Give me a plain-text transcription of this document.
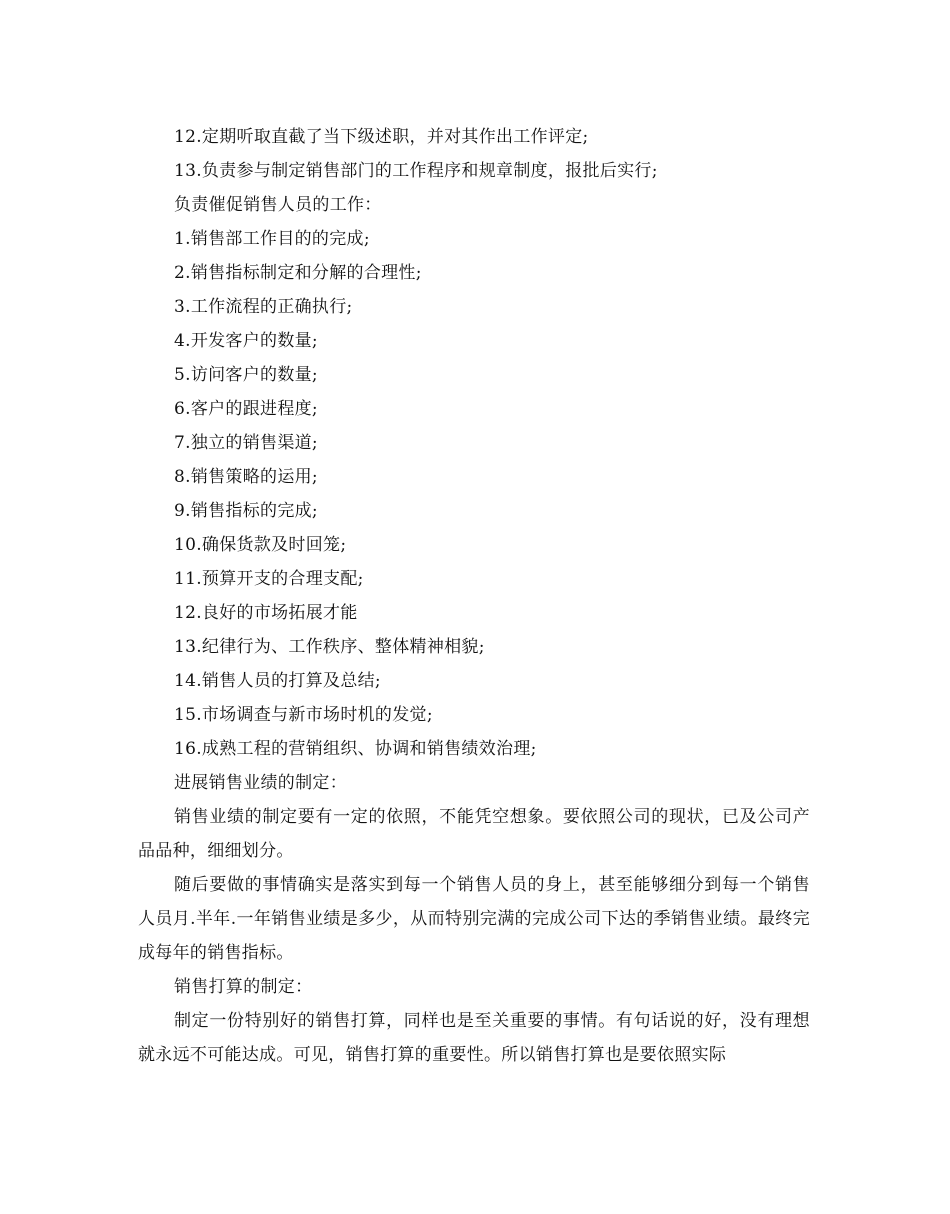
12.定期听取直截了当下级述职，并对其作出工作评定;

13.负责参与制定销售部门的工作程序和规章制度，报批后实行;

负责催促销售人员的工作：

1.销售部工作目的的完成;

2.销售指标制定和分解的合理性;

3.工作流程的正确执行;

4.开发客户的数量;

5.访问客户的数量;

6.客户的跟进程度;

7.独立的销售渠道;

8.销售策略的运用;

9.销售指标的完成;

10.确保货款及时回笼;

11.预算开支的合理支配;

12.良好的市场拓展才能

13.纪律行为、工作秩序、整体精神相貌;

14.销售人员的打算及总结;

15.市场调查与新市场时机的发觉;

16.成熟工程的营销组织、协调和销售绩效治理;

进展销售业绩的制定：

销售业绩的制定要有一定的依照，不能凭空想象。要依照公司的现状，已及公司产品品种，细细划分。

随后要做的事情确实是落实到每一个销售人员的身上，甚至能够细分到每一个销售人员月.半年.一年销售业绩是多少，从而特别完满的完成公司下达的季销售业绩。最终完成每年的销售指标。

销售打算的制定：

制定一份特别好的销售打算，同样也是至关重要的事情。有句话说的好，没有理想就永远不可能达成。可见，销售打算的重要性。所以销售打算也是要依照实际
